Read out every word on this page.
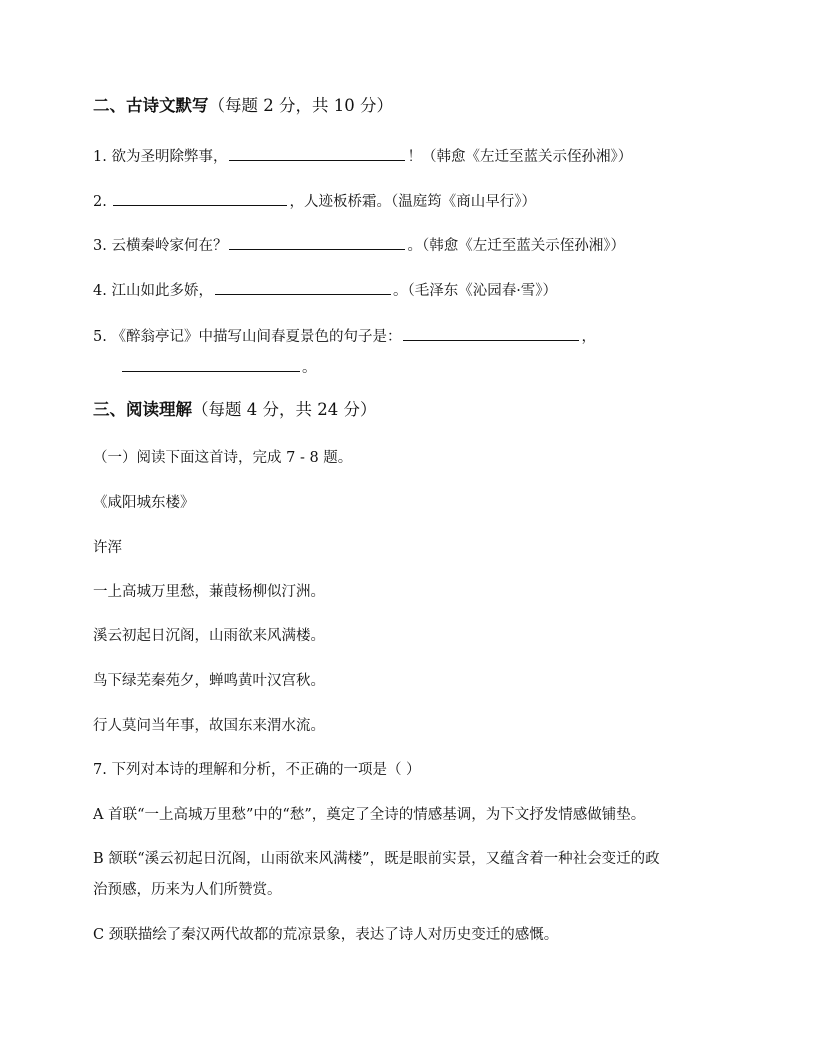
二、古诗文默写（每题 2 分，共 10 分）
1. 欲为圣明除弊事，	！（韩愈《左迁至蓝关示侄孙湘》）
2.	，人迹板桥霜。（温庭筠《商山早行》）
3. 云横秦岭家何在？	。（韩愈《左迁至蓝关示侄孙湘》）
4. 江山如此多娇，	。（毛泽东《沁园春·雪》）
5. 《醉翁亭记》中描写山间春夏景色的句子是：	，
。
三、阅读理解（每题 4 分，共 24 分）
（一）阅读下面这首诗，完成 7 - 8 题。
《咸阳城东楼》
许浑
一上高城万里愁，蒹葭杨柳似汀洲。
溪云初起日沉阁，山雨欲来风满楼。
鸟下绿芜秦苑夕，蝉鸣黄叶汉宫秋。
行人莫问当年事，故国东来渭水流。
7. 下列对本诗的理解和分析，不正确的一项是（ ）
A 首联“一上高城万里愁”中的“愁”，奠定了全诗的情感基调，为下文抒发情感做铺垫。
B 颔联“溪云初起日沉阁，山雨欲来风满楼”，既是眼前实景，又蕴含着一种社会变迁的政
治预感，历来为人们所赞赏。
C 颈联描绘了秦汉两代故都的荒凉景象，表达了诗人对历史变迁的感慨。
